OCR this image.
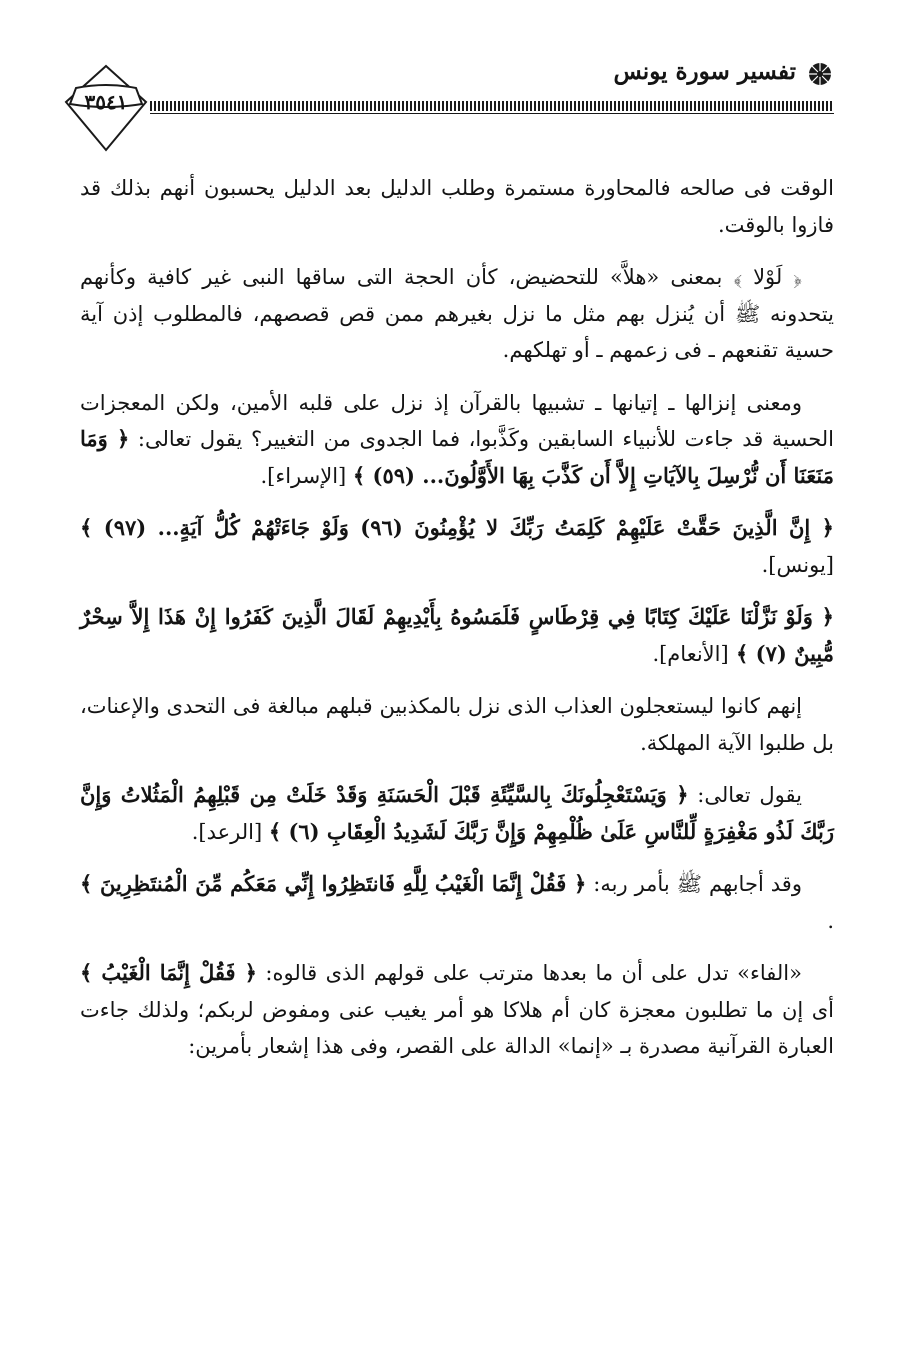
تفسير سورة يونس
٣٥٤١

الوقت فى صالحه فالمحاورة مستمرة وطلب الدليل بعد الدليل يحسبون أنهم بذلك قد فازوا بالوقت.

﴿ لَوْلا ﴾ بمعنى «هلاَّ» للتحضيض، كأن الحجة التى ساقها النبى غير كافية وكأنهم يتحدونه ﷺ أن يُنزل بهم مثل ما نزل بغيرهم ممن قص قصصهم، فالمطلوب إذن آية حسية تقنعهم ـ فى زعمهم ـ أو تهلكهم.

ومعنى إنزالها ـ إتيانها ـ تشبيها بالقرآن إذ نزل على قلبه الأمين، ولكن المعجزات الحسية قد جاءت للأنبياء السابقين وكَذَّبوا، فما الجدوى من التغيير؟ يقول تعالى: ﴿ وَمَا مَنَعَنَا أَن نُّرْسِلَ بِالآيَاتِ إِلاَّ أَن كَذَّبَ بِهَا الأَوَّلُونَ... (٥٩) ﴾ [الإسراء].

﴿ إِنَّ الَّذِينَ حَقَّتْ عَلَيْهِمْ كَلِمَتُ رَبِّكَ لا يُؤْمِنُونَ (٩٦) وَلَوْ جَاءَتْهُمْ كُلُّ آيَةٍ... (٩٧) ﴾ [يونس].

﴿ وَلَوْ نَزَّلْنَا عَلَيْكَ كِتَابًا فِي قِرْطَاسٍ فَلَمَسُوهُ بِأَيْدِيهِمْ لَقَالَ الَّذِينَ كَفَرُوا إِنْ هَذَا إِلاَّ سِحْرٌ مُّبِينٌ (٧) ﴾ [الأنعام].

إنهم كانوا ليستعجلون العذاب الذى نزل بالمكذبين قبلهم مبالغة فى التحدى والإعنات، بل طلبوا الآية المهلكة.

يقول تعالى: ﴿ وَيَسْتَعْجِلُونَكَ بِالسَّيِّئَةِ قَبْلَ الْحَسَنَةِ وَقَدْ خَلَتْ مِن قَبْلِهِمُ الْمَثُلاتُ وَإِنَّ رَبَّكَ لَذُو مَغْفِرَةٍ لِّلنَّاسِ عَلَىٰ ظُلْمِهِمْ وَإِنَّ رَبَّكَ لَشَدِيدُ الْعِقَابِ (٦) ﴾ [الرعد].

وقد أجابهم ﷺ بأمر ربه: ﴿ فَقُلْ إِنَّمَا الْغَيْبُ لِلَّهِ فَانتَظِرُوا إِنِّي مَعَكُم مِّنَ الْمُنتَظِرِينَ ﴾ .

«الفاء» تدل على أن ما بعدها مترتب على قولهم الذى قالوه: ﴿ فَقُلْ إِنَّمَا الْغَيْبُ ﴾ أى إن ما تطلبون معجزة كان أم هلاكا هو أمر يغيب عنى ومفوض لربكم؛ ولذلك جاءت العبارة القرآنية مصدرة بـ «إنما» الدالة على القصر، وفى هذا إشعار بأمرين:
